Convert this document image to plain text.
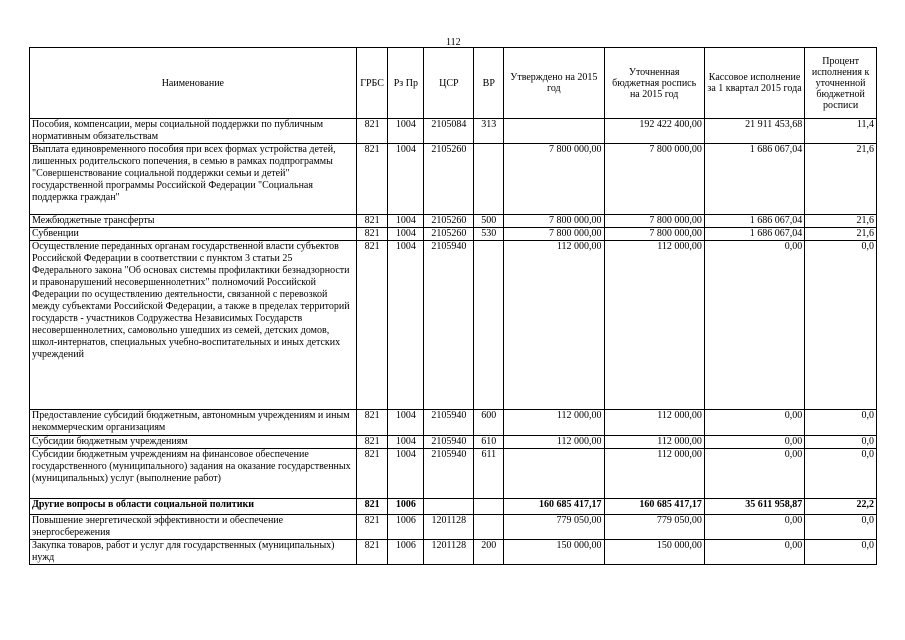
112
Наименование	ГРБС	Рз Пр	ЦСР	ВР	Утверждено на 2015 год	Уточненная бюджетная роспись на 2015 год	Кассовое исполнение за 1 квартал 2015 года	Процент исполнения к уточненной бюджетной росписи
Пособия, компенсации, меры социальной поддержки по публичным нормативным обязательствам	821	1004	2105084	313		192 422 400,00	21 911 453,68	11,4
Выплата единовременного пособия при всех формах устройства детей, лишенных родительского попечения, в семью в рамках подпрограммы "Совершенствование социальной поддержки семьи и детей" государственной программы Российской Федерации "Социальная поддержка граждан"	821	1004	2105260		7 800 000,00	7 800 000,00	1 686 067,04	21,6
Межбюджетные трансферты	821	1004	2105260	500	7 800 000,00	7 800 000,00	1 686 067,04	21,6
Субвенции	821	1004	2105260	530	7 800 000,00	7 800 000,00	1 686 067,04	21,6
Осуществление переданных органам государственной власти субъектов Российской Федерации в соответствии с пунктом 3 статьи 25 Федерального закона "Об основах системы профилактики безнадзорности и правонарушений несовершеннолетних" полномочий Российской Федерации по осуществлению деятельности, связанной с перевозкой между субъектами Российской Федерации, а также в пределах территорий государств - участников Содружества Независимых Государств несовершеннолетних, самовольно ушедших из семей, детских домов, школ-интернатов, специальных учебно-воспитательных и иных детских учреждений	821	1004	2105940		112 000,00	112 000,00	0,00	0,0
Предоставление субсидий бюджетным, автономным учреждениям и иным некоммерческим организациям	821	1004	2105940	600	112 000,00	112 000,00	0,00	0,0
Субсидии бюджетным учреждениям	821	1004	2105940	610	112 000,00	112 000,00	0,00	0,0
Субсидии бюджетным учреждениям на финансовое обеспечение государственного (муниципального) задания на оказание государственных (муниципальных) услуг (выполнение работ)	821	1004	2105940	611		112 000,00	0,00	0,0
Другие вопросы в области социальной политики	821	1006			160 685 417,17	160 685 417,17	35 611 958,87	22,2
Повышение энергетической эффективности и обеспечение энергосбережения	821	1006	1201128		779 050,00	779 050,00	0,00	0,0
Закупка товаров, работ и услуг для государственных (муниципальных) нужд	821	1006	1201128	200	150 000,00	150 000,00	0,00	0,0
